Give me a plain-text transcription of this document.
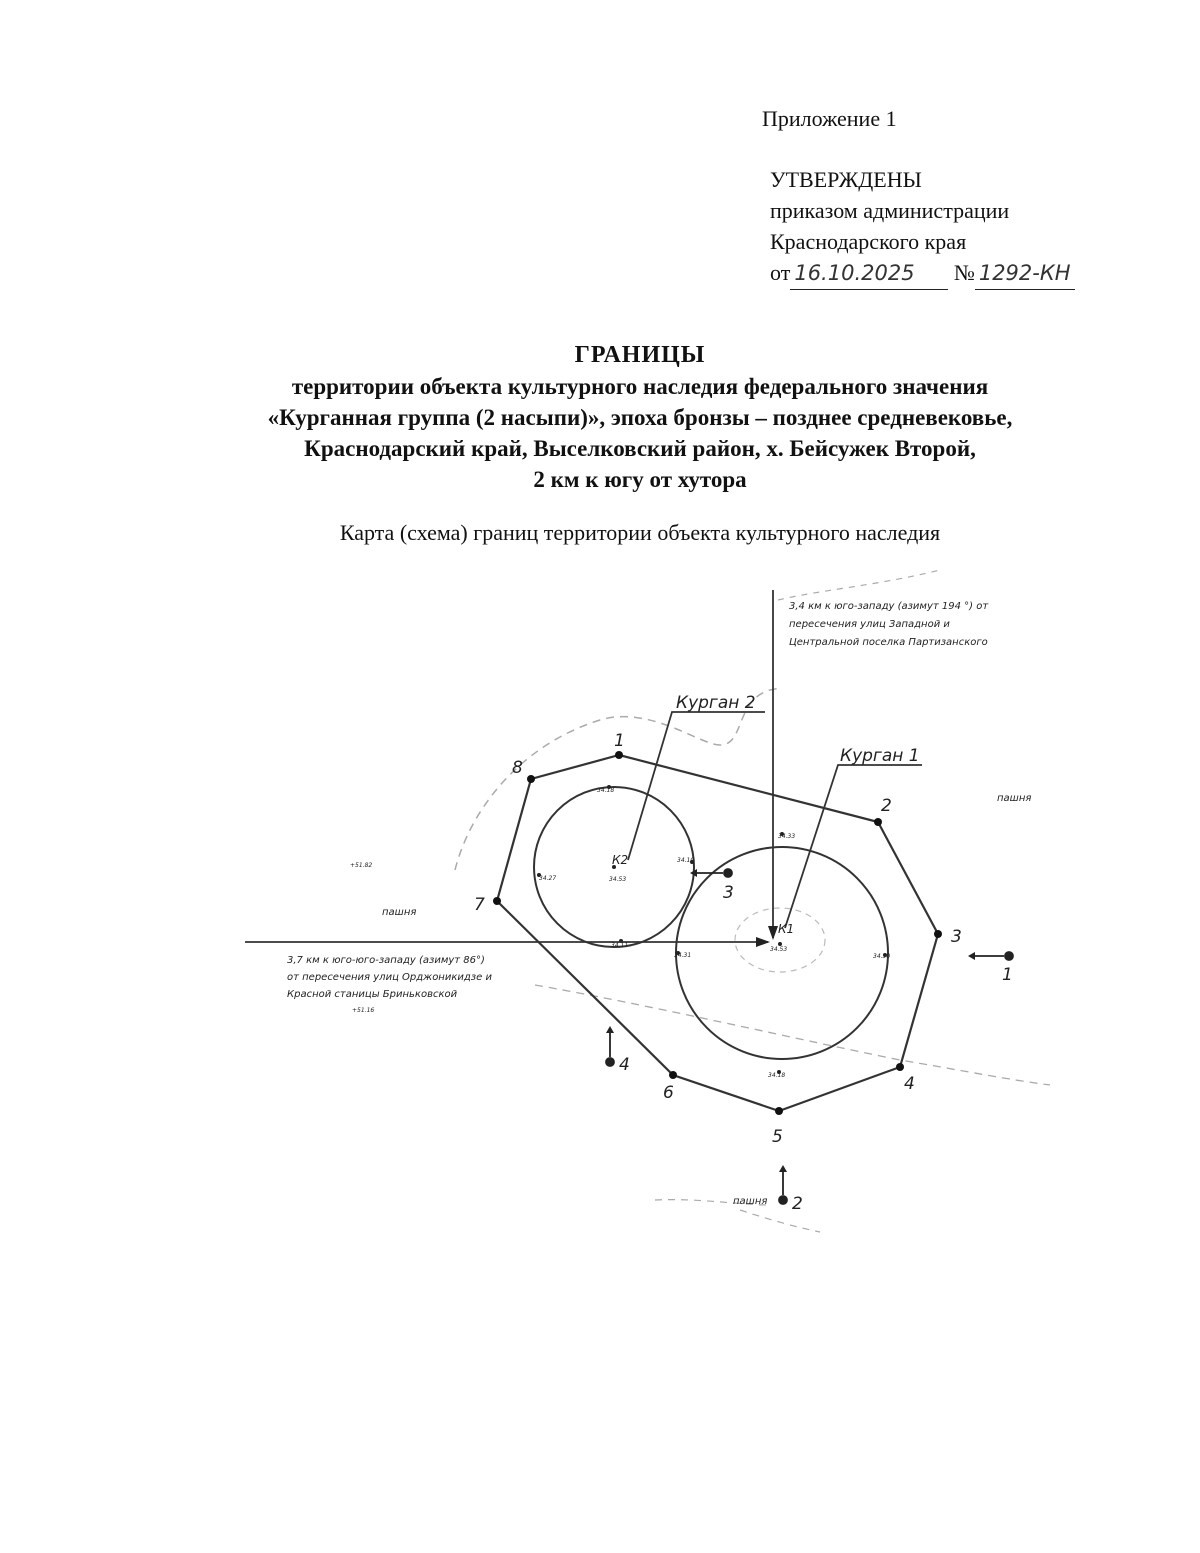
Приложение 1
УТВЕРЖДЕНЫ
приказом администрации
Краснодарского края
от 16.10.2025 № 1292-КН
ГРАНИЦЫ
территории объекта культурного наследия федерального значения
«Курганная группа (2 насыпи)», эпоха бронзы – позднее средневековье,
Краснодарский край, Выселковский район, х. Бейсужек Второй,
2 км к югу от хутора
Карта (схема) границ территории объекта культурного наследия
Курган 2
Курган 1
К2
К1
34.53
34.53
3,4 км к юго-западу (азимут 194 °) от
пересечения улиц Западной и
Центральной поселка Партизанского
3,7 км к юго-юго-западу (азимут 86°)
от пересечения улиц Орджоникидзе и
Красной станицы Бриньковской
пашня
пашня
пашня
+51.82
+51.16
34.18
34.27
34.10
34.11
34.33
34.31	34.30
34.18
1
2
3
4
5
6
7
8
1
2
3
4
